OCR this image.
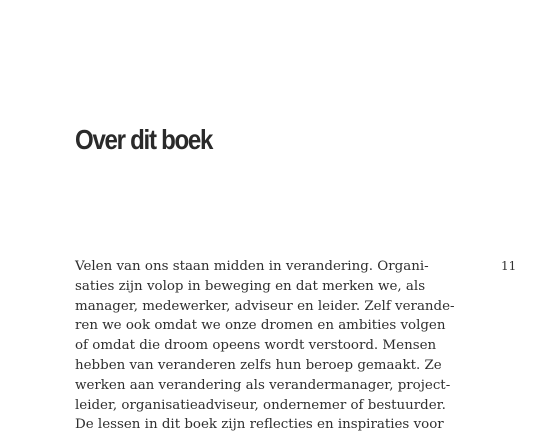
Over dit boek
11
Velen van ons staan midden in verandering. Organi-
saties zijn volop in beweging en dat merken we, als
manager, medewerker, adviseur en leider. Zelf verande-
ren we ook omdat we onze dromen en ambities volgen
of omdat die droom opeens wordt verstoord. Mensen
hebben van veranderen zelfs hun beroep gemaakt. Ze
werken aan verandering als verandermanager, project-
leider, organisatieadviseur, ondernemer of bestuurder.
De lessen in dit boek zijn reflecties en inspiraties voor
